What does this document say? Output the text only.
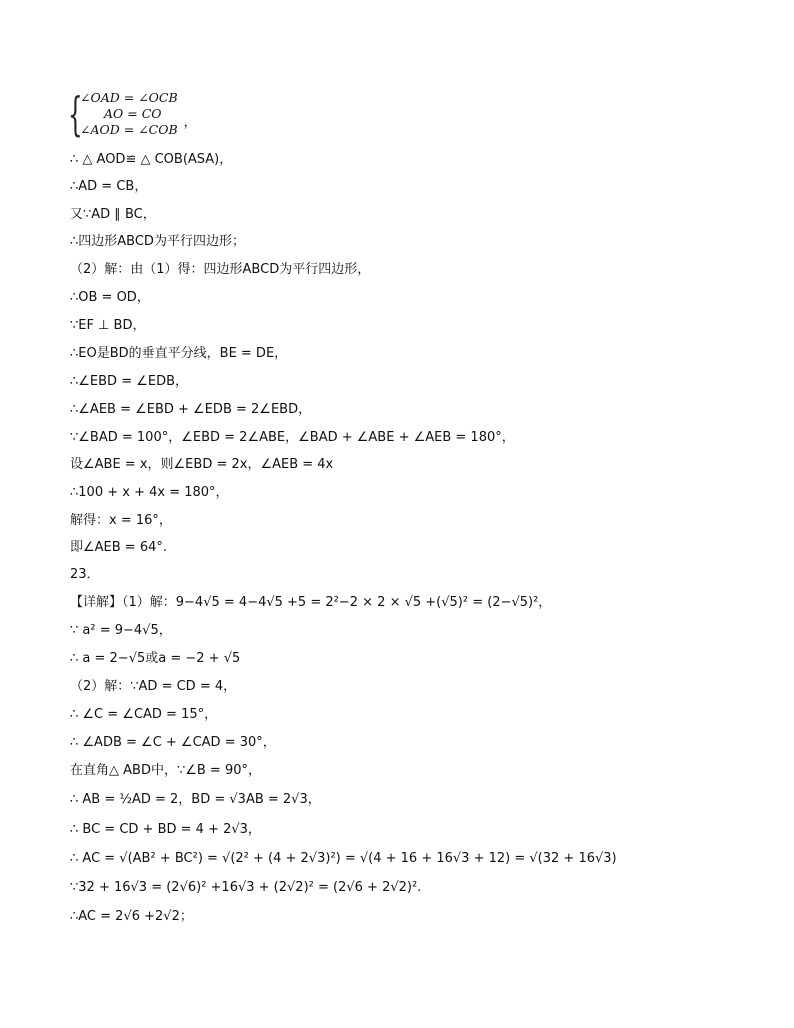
{
∠OAD = ∠OCB
AO = CO
∠AOD = ∠COB ，
∴ △ AOD≌ △ COB(ASA)，
∴AD = CB，
又∵AD ∥ BC，
∴四边形ABCD为平行四边形；
（2）解：由（1）得：四边形ABCD为平行四边形，
∴OB = OD，
∵EF ⊥ BD，
∴EO是BD的垂直平分线，BE = DE，
∴∠EBD = ∠EDB，
∴∠AEB = ∠EBD + ∠EDB = 2∠EBD，
∵∠BAD = 100°，∠EBD = 2∠ABE，∠BAD + ∠ABE + ∠AEB = 180°，
设∠ABE = x，则∠EBD = 2x，∠AEB = 4x
∴100 + x + 4x = 180°，
解得：x = 16°，
即∠AEB = 64°.
23．
【详解】（1）解：9−4√5 = 4−4√5 +5 = 2²−2 × 2 × √5 +(√5)² = (2−√5)²，
∵ a² = 9−4√5，
∴ a = 2−√5或a = −2 + √5
（2）解：∵AD = CD = 4，
∴ ∠C = ∠CAD = 15°，
∴ ∠ADB = ∠C + ∠CAD = 30°，
在直角△ ABD中，∵∠B = 90°，
∴ AB = ½AD = 2，BD = √3AB = 2√3，
∴ BC = CD + BD = 4 + 2√3，
∴ AC = √(AB² + BC²) = √(2² + (4 + 2√3)²) = √(4 + 16 + 16√3 + 12) = √(32 + 16√3)
∵32 + 16√3 = (2√6)² +16√3 + (2√2)² = (2√6 + 2√2)².
∴AC = 2√6 +2√2；
